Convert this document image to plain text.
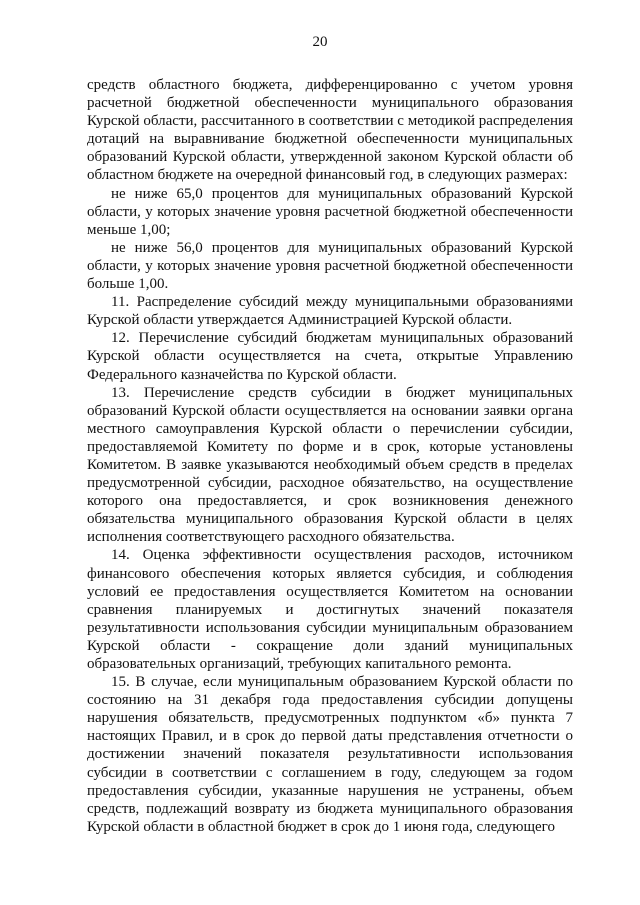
20

средств областного бюджета, дифференцированно с учетом уровня расчетной бюджетной обеспеченности муниципального образования Курской области, рассчитанного в соответствии с методикой распределения дотаций на выравнивание бюджетной обеспеченности муниципальных образований Курской области, утвержденной законом Курской области об областном бюджете на очередной финансовый год, в следующих размерах:

не ниже 65,0 процентов для муниципальных образований Курской области, у которых значение уровня расчетной бюджетной обеспеченности меньше 1,00;

не ниже 56,0 процентов для муниципальных образований Курской области, у которых значение уровня расчетной бюджетной обеспеченности больше 1,00.

11. Распределение субсидий между муниципальными образованиями Курской области утверждается Администрацией Курской области.

12. Перечисление субсидий бюджетам муниципальных образований Курской области осуществляется на счета, открытые Управлению Федерального казначейства по Курской области.

13. Перечисление средств субсидии в бюджет муниципальных образований Курской области осуществляется на основании заявки органа местного самоуправления Курской области о перечислении субсидии, предоставляемой Комитету по форме и в срок, которые установлены Комитетом. В заявке указываются необходимый объем средств в пределах предусмотренной субсидии, расходное обязательство, на осуществление которого она предоставляется, и срок возникновения денежного обязательства муниципального образования Курской области в целях исполнения соответствующего расходного обязательства.

14. Оценка эффективности осуществления расходов, источником финансового обеспечения которых является субсидия, и соблюдения условий ее предоставления осуществляется Комитетом на основании сравнения планируемых и достигнутых значений показателя результативности использования субсидии муниципальным образованием Курской области - сокращение доли зданий муниципальных образовательных организаций, требующих капитального ремонта.

15. В случае, если муниципальным образованием Курской области по состоянию на 31 декабря года предоставления субсидии допущены нарушения обязательств, предусмотренных подпунктом «б» пункта 7 настоящих Правил, и в срок до первой даты представления отчетности о достижении значений показателя результативности использования субсидии в соответствии с соглашением в году, следующем за годом предоставления субсидии, указанные нарушения не устранены, объем средств, подлежащий возврату из бюджета муниципального образования Курской области в областной бюджет в срок до 1 июня года, следующего
